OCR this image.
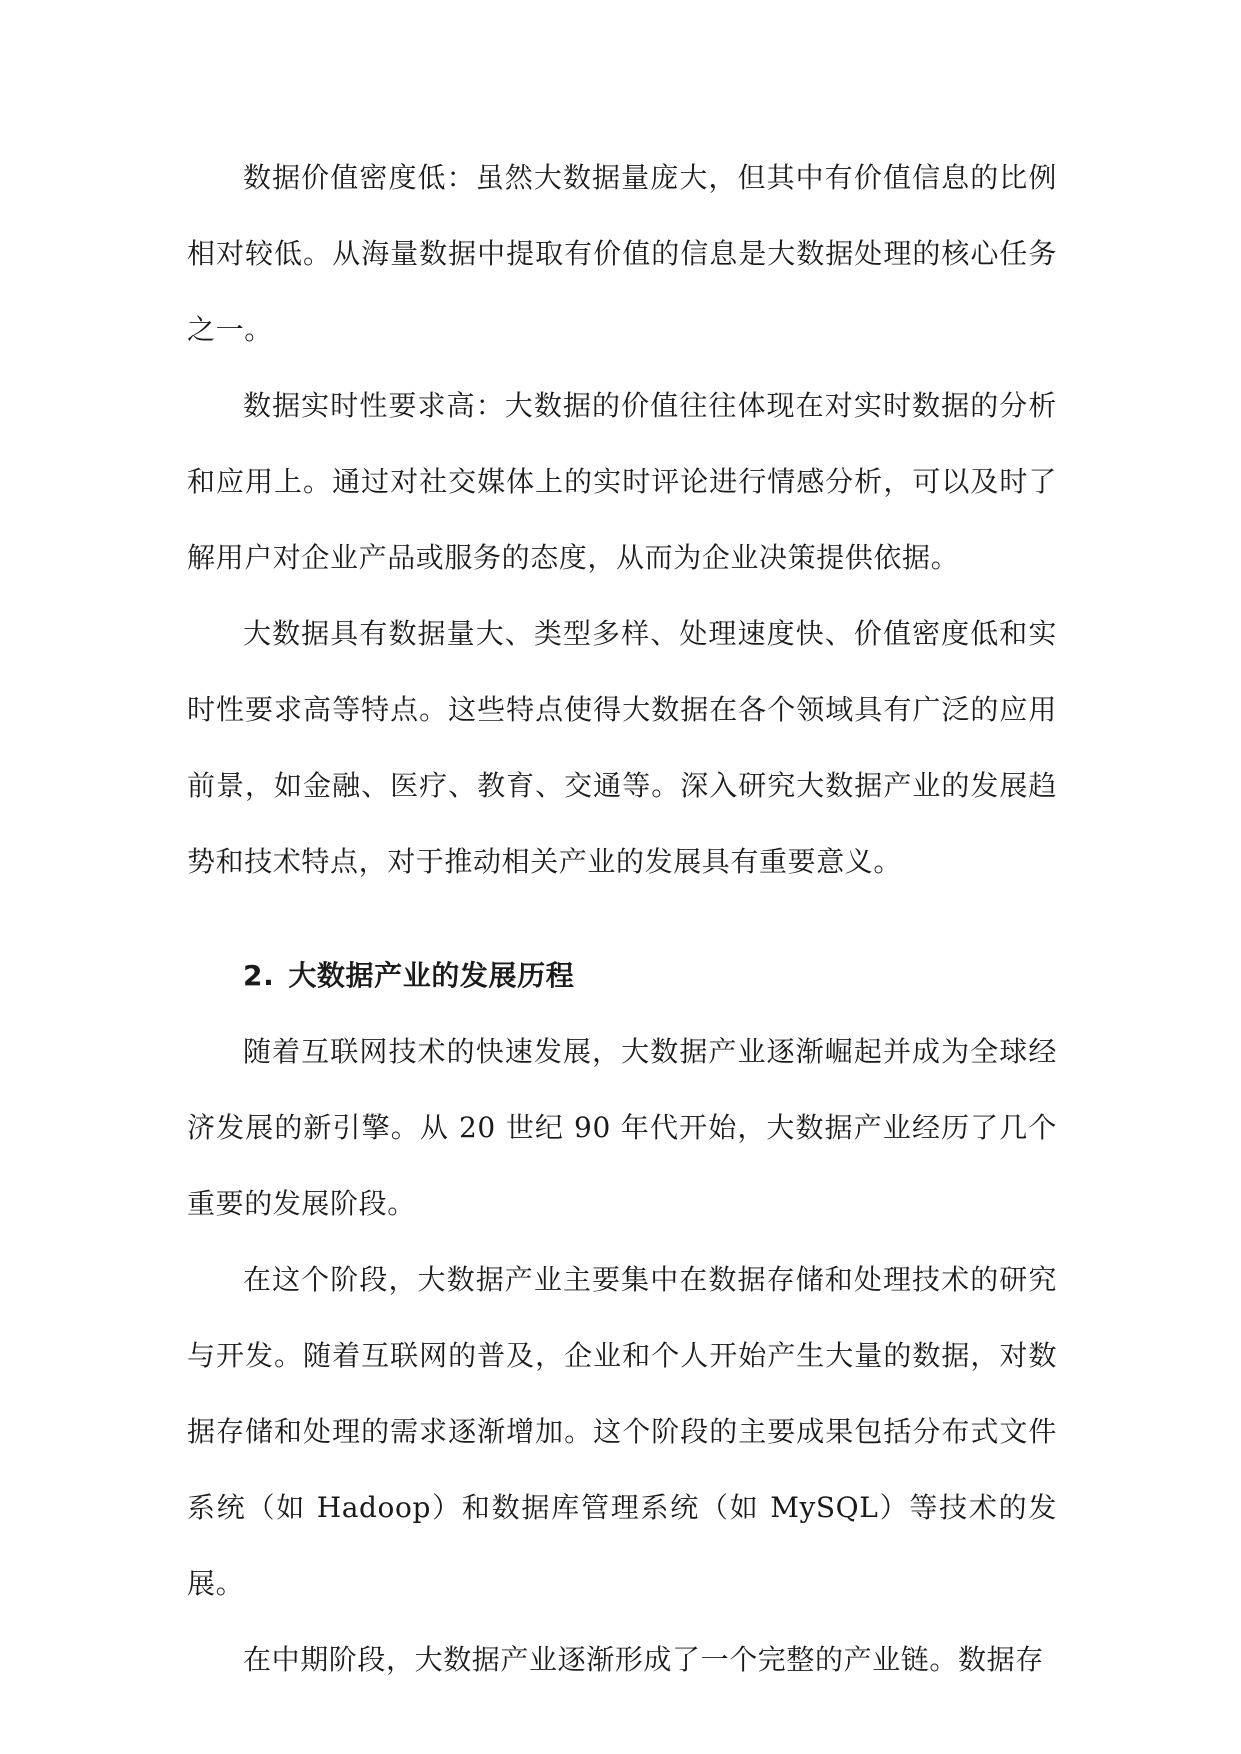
数据价值密度低：虽然大数据量庞大，但其中有价值信息的比例相对较低。从海量数据中提取有价值的信息是大数据处理的核心任务之一。

数据实时性要求高：大数据的价值往往体现在对实时数据的分析和应用上。通过对社交媒体上的实时评论进行情感分析，可以及时了解用户对企业产品或服务的态度，从而为企业决策提供依据。

大数据具有数据量大、类型多样、处理速度快、价值密度低和实时性要求高等特点。这些特点使得大数据在各个领域具有广泛的应用前景，如金融、医疗、教育、交通等。深入研究大数据产业的发展趋势和技术特点，对于推动相关产业的发展具有重要意义。

2. 大数据产业的发展历程

随着互联网技术的快速发展，大数据产业逐渐崛起并成为全球经济发展的新引擎。从 20 世纪 90 年代开始，大数据产业经历了几个重要的发展阶段。

在这个阶段，大数据产业主要集中在数据存储和处理技术的研究与开发。随着互联网的普及，企业和个人开始产生大量的数据，对数据存储和处理的需求逐渐增加。这个阶段的主要成果包括分布式文件系统（如 Hadoop）和数据库管理系统（如 MySQL）等技术的发展。

在中期阶段，大数据产业逐渐形成了一个完整的产业链。数据存
